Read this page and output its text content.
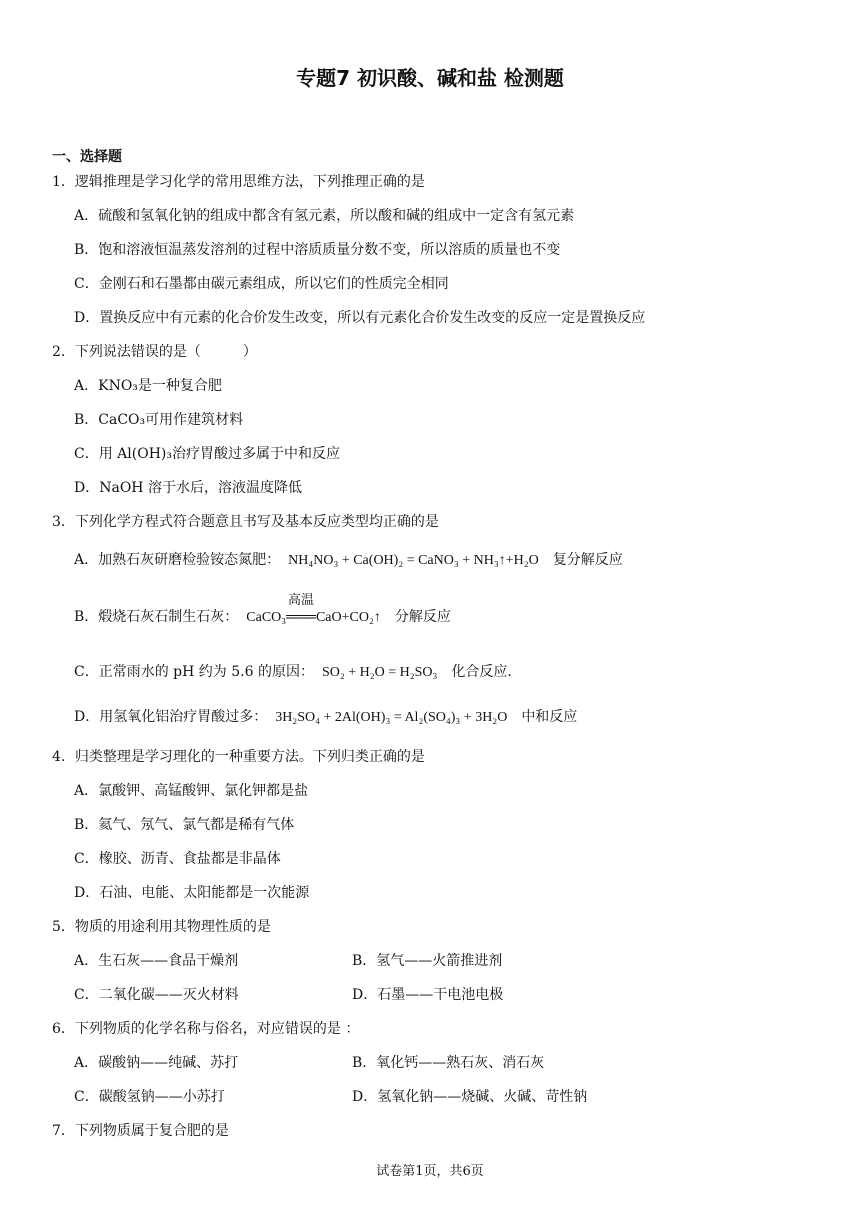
专题7 初识酸、碱和盐 检测题
一、选择题
1．逻辑推理是学习化学的常用思维方法，下列推理正确的是
A．硫酸和氢氧化钠的组成中都含有氢元素，所以酸和碱的组成中一定含有氢元素
B．饱和溶液恒温蒸发溶剂的过程中溶质质量分数不变，所以溶质的质量也不变
C．金刚石和石墨都由碳元素组成，所以它们的性质完全相同
D．置换反应中有元素的化合价发生改变，所以有元素化合价发生改变的反应一定是置换反应
2．下列说法错误的是（　　　）
A．KNO₃是一种复合肥
B．CaCO₃可用作建筑材料
C．用 Al(OH)₃治疗胃酸过多属于中和反应
D．NaOH 溶于水后，溶液温度降低
3．下列化学方程式符合题意且书写及基本反应类型均正确的是
A．加熟石灰研磨检验铵态氮肥： NH₄NO₃ + Ca(OH)₂ = CaNO₃ + NH₃↑+H₂O 复分解反应
B．煅烧石灰石制生石灰： CaCO₃
高温
═══CaO+CO₂↑ 分解反应
C．正常雨水的 pH 约为 5.6 的原因： SO₂ + H₂O = H₂SO₃ 化合反应.
D．用氢氧化铝治疗胃酸过多： 3H₂SO₄ + 2Al(OH)₃ = Al₂(SO₄)₃ + 3H₂O 中和反应
4．归类整理是学习理化的一种重要方法。下列归类正确的是
A．氯酸钾、高锰酸钾、氯化钾都是盐
B．氦气、氖气、氯气都是稀有气体
C．橡胶、沥青、食盐都是非晶体
D．石油、电能、太阳能都是一次能源
5．物质的用途利用其物理性质的是
A．生石灰——食品干燥剂	B．氢气——火箭推进剂
C．二氧化碳——灭火材料	D．石墨——干电池电极
6．下列物质的化学名称与俗名，对应错误的是 ：
A．碳酸钠——纯碱、苏打	B．氧化钙——熟石灰、消石灰
C．碳酸氢钠——小苏打	D．氢氧化钠——烧碱、火碱、苛性钠
7．下列物质属于复合肥的是
试卷第1页，共6页
